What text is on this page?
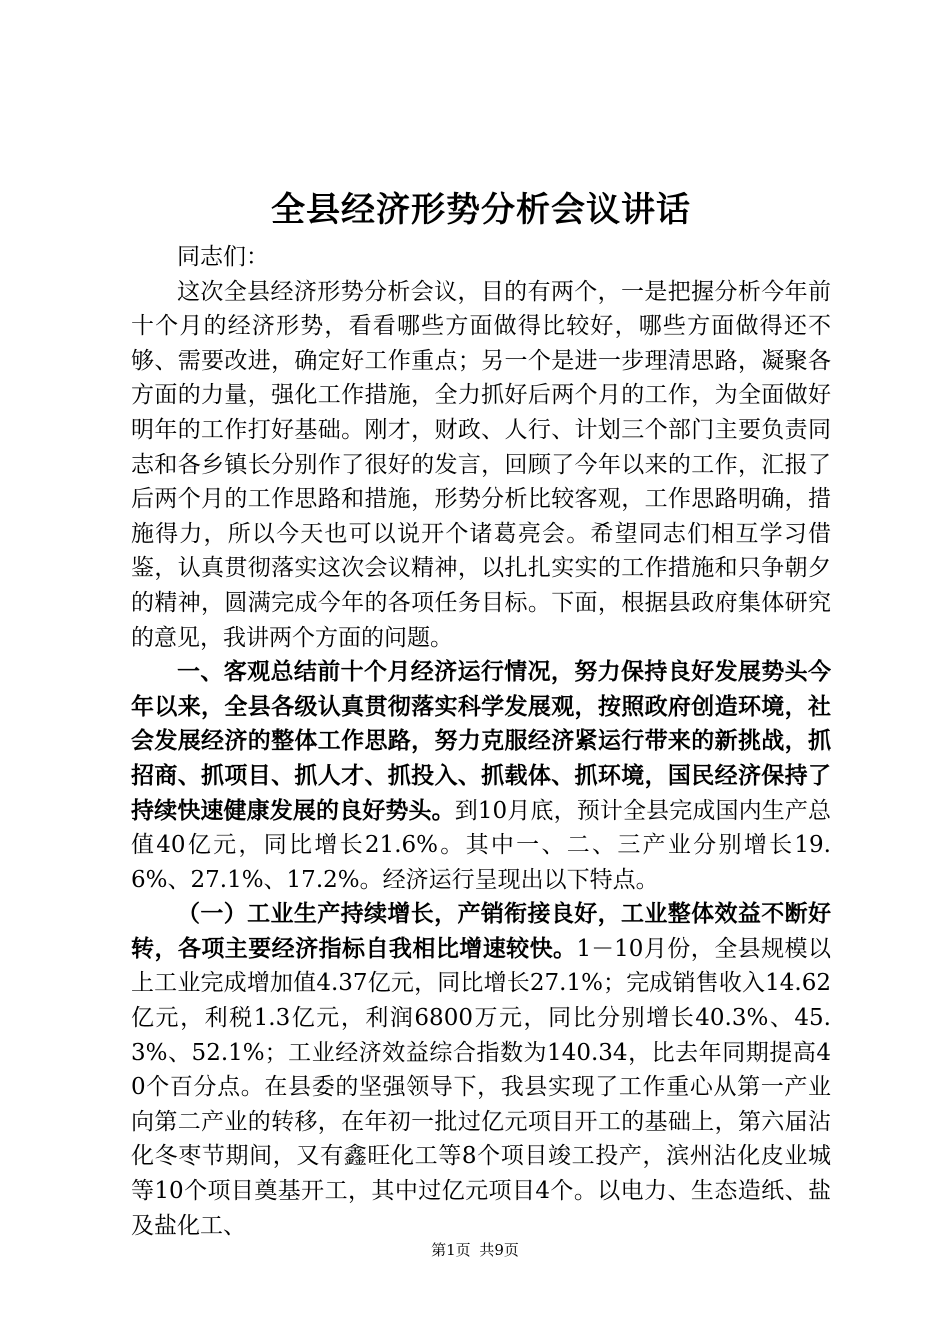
全县经济形势分析会议讲话

同志们：

这次全县经济形势分析会议，目的有两个，一是把握分析今年前十个月的经济形势，看看哪些方面做得比较好，哪些方面做得还不够、需要改进，确定好工作重点；另一个是进一步理清思路，凝聚各方面的力量，强化工作措施，全力抓好后两个月的工作，为全面做好明年的工作打好基础。刚才，财政、人行、计划三个部门主要负责同志和各乡镇长分别作了很好的发言，回顾了今年以来的工作，汇报了后两个月的工作思路和措施，形势分析比较客观，工作思路明确，措施得力，所以今天也可以说开个诸葛亮会。希望同志们相互学习借鉴，认真贯彻落实这次会议精神，以扎扎实实的工作措施和只争朝夕的精神，圆满完成今年的各项任务目标。下面，根据县政府集体研究的意见，我讲两个方面的问题。

一、客观总结前十个月经济运行情况，努力保持良好发展势头今年以来，全县各级认真贯彻落实科学发展观，按照政府创造环境，社会发展经济的整体工作思路，努力克服经济紧运行带来的新挑战，抓招商、抓项目、抓人才、抓投入、抓载体、抓环境，国民经济保持了持续快速健康发展的良好势头。到10月底，预计全县完成国内生产总值40亿元，同比增长21.6%。其中一、二、三产业分别增长19.6%、27.1%、17.2%。经济运行呈现出以下特点。

（一）工业生产持续增长，产销衔接良好，工业整体效益不断好转，各项主要经济指标自我相比增速较快。1－10月份，全县规模以上工业完成增加值4.37亿元，同比增长27.1%；完成销售收入14.62亿元，利税1.3亿元，利润6800万元，同比分别增长40.3%、45.3%、52.1%；工业经济效益综合指数为140.34，比去年同期提高40个百分点。在县委的坚强领导下，我县实现了工作重心从第一产业向第二产业的转移，在年初一批过亿元项目开工的基础上，第六届沾化冬枣节期间，又有鑫旺化工等8个项目竣工投产，滨州沾化皮业城等10个项目奠基开工，其中过亿元项目4个。以电力、生态造纸、盐及盐化工、

第1页 共9页
